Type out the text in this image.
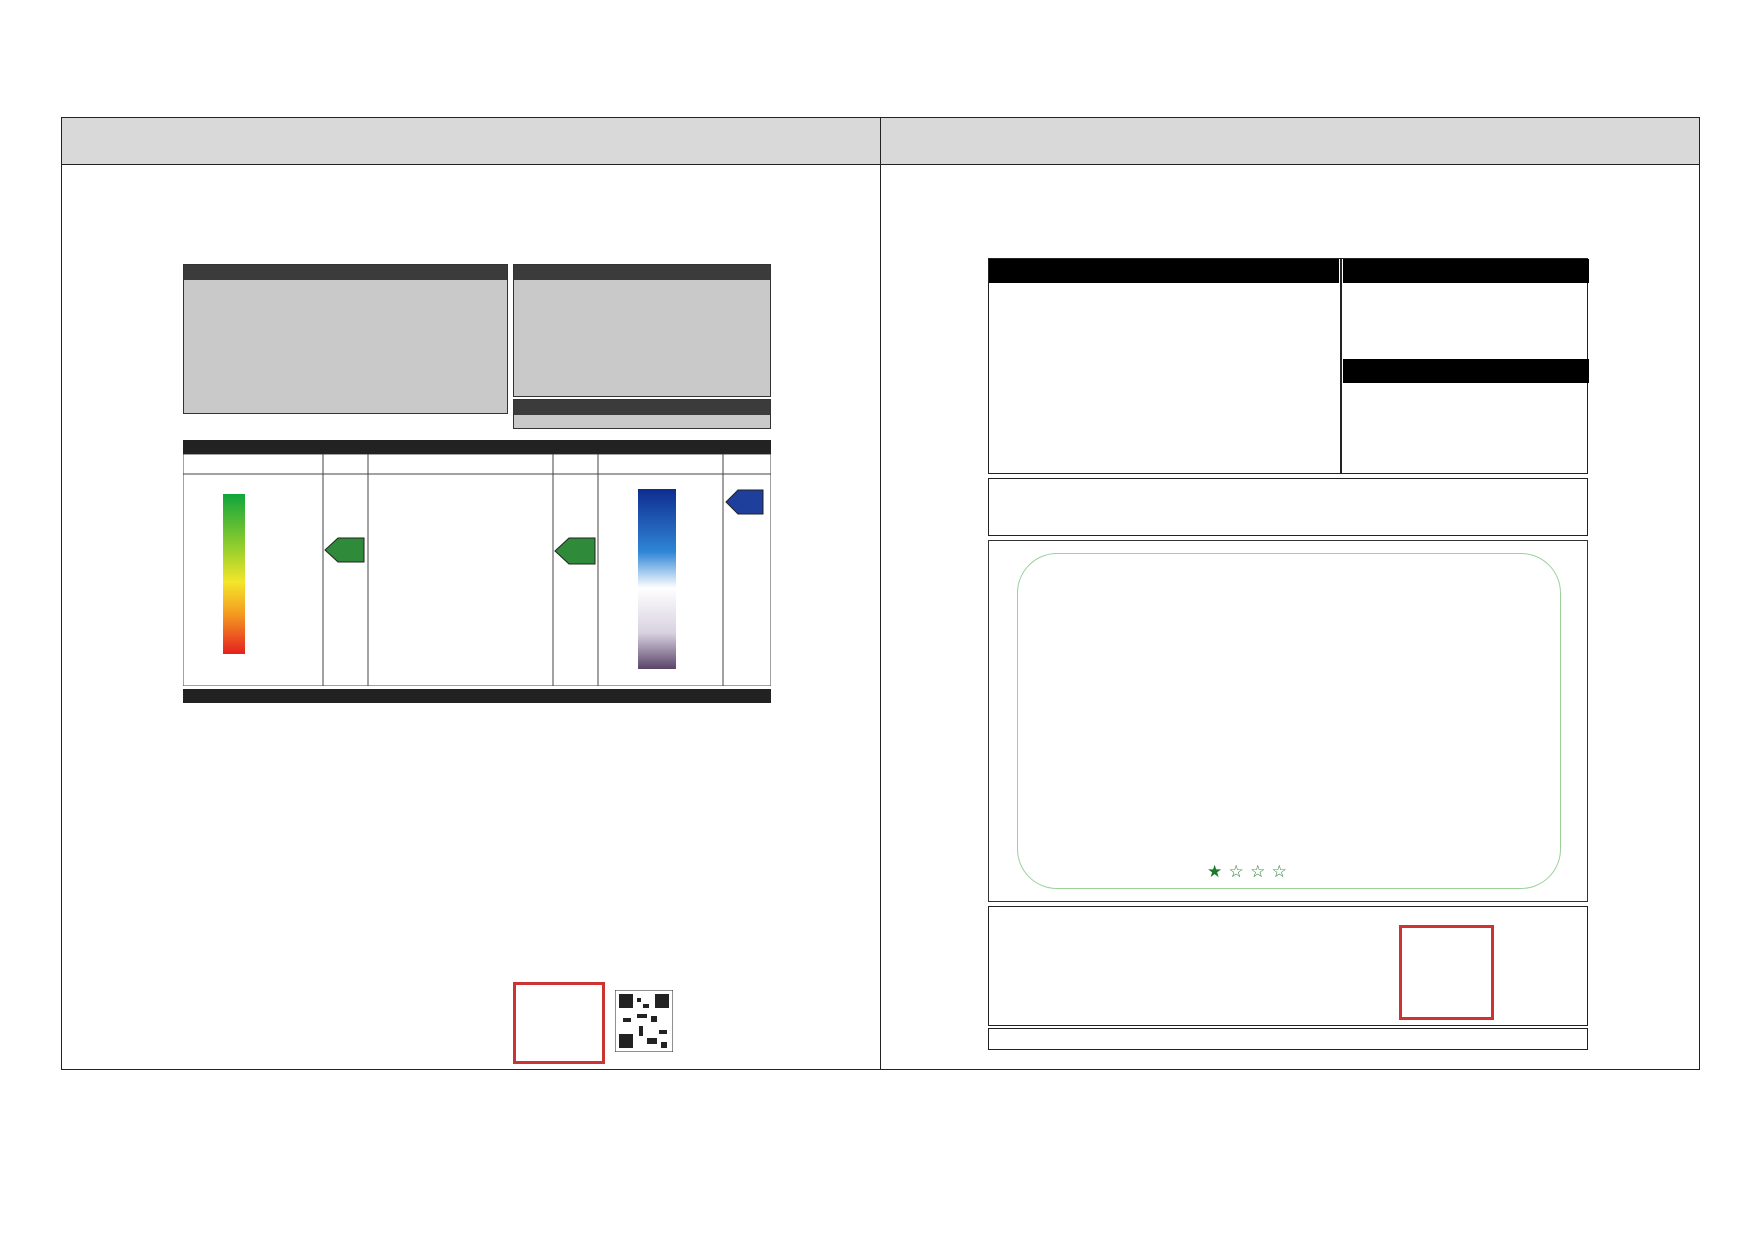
★ ☆ ☆ ☆
